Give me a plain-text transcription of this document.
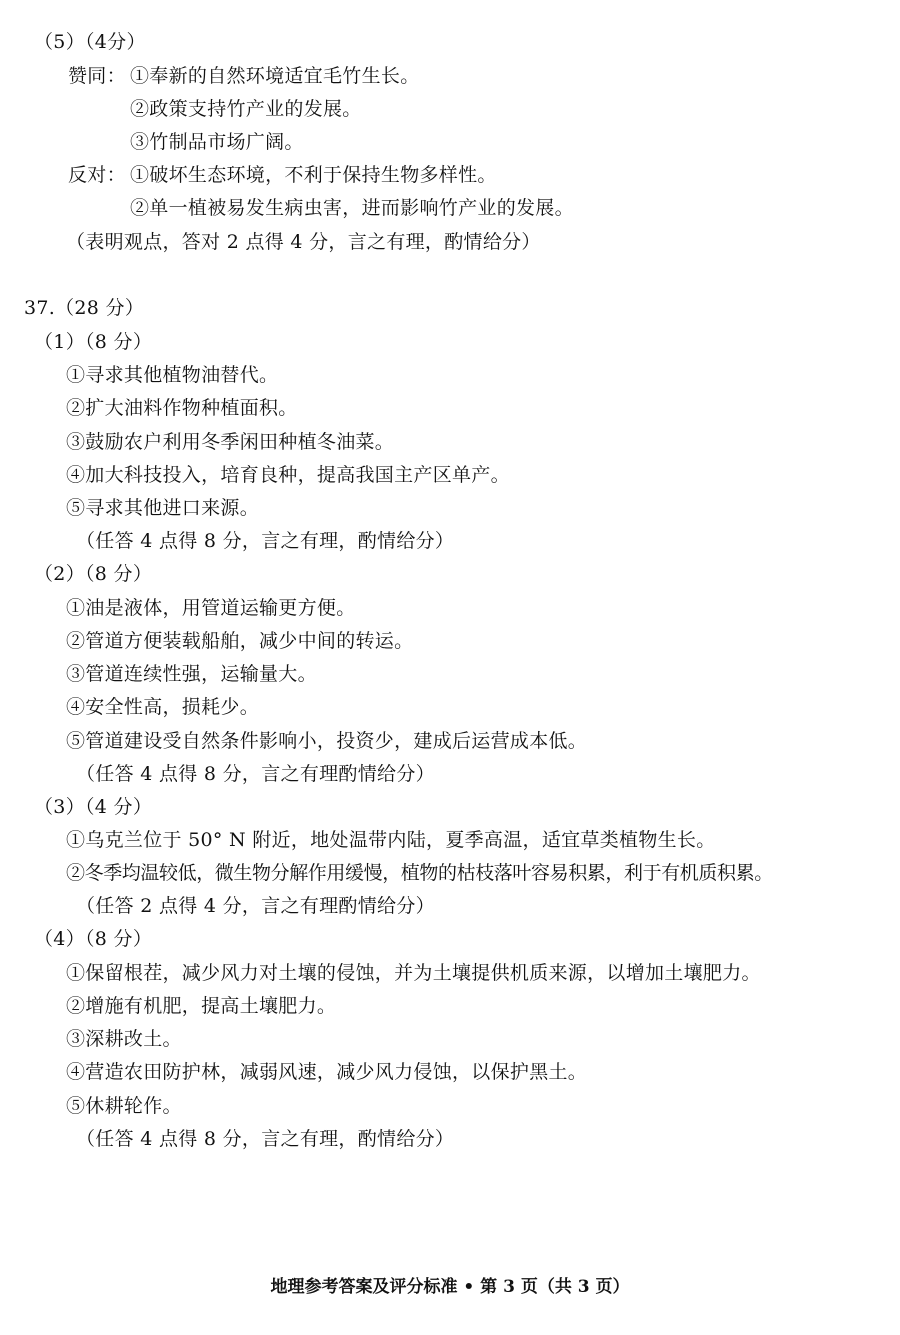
（5）（4分）
赞同： ①奉新的自然环境适宜毛竹生长。
②政策支持竹产业的发展。
③竹制品市场广阔。
反对： ①破坏生态环境，不利于保持生物多样性。
②单一植被易发生病虫害，进而影响竹产业的发展。
（表明观点，答对 2 点得 4 分，言之有理，酌情给分）
37.（28 分）
（1）（8 分）
①寻求其他植物油替代。
②扩大油料作物种植面积。
③鼓励农户利用冬季闲田种植冬油菜。
④加大科技投入，培育良种，提高我国主产区单产。
⑤寻求其他进口来源。
（任答 4 点得 8 分，言之有理，酌情给分）
（2）（8 分）
①油是液体，用管道运输更方便。
②管道方便装载船舶，减少中间的转运。
③管道连续性强，运输量大。
④安全性高，损耗少。
⑤管道建设受自然条件影响小，投资少，建成后运营成本低。
（任答 4 点得 8 分，言之有理酌情给分）
（3）（4 分）
①乌克兰位于 50° N 附近，地处温带内陆，夏季高温，适宜草类植物生长。
②冬季均温较低，微生物分解作用缓慢，植物的枯枝落叶容易积累，利于有机质积累。
（任答 2 点得 4 分，言之有理酌情给分）
（4）（8 分）
①保留根茬，减少风力对土壤的侵蚀，并为土壤提供机质来源，以增加土壤肥力。
②增施有机肥，提高土壤肥力。
③深耕改土。
④营造农田防护林，减弱风速，减少风力侵蚀，以保护黑土。
⑤休耕轮作。
（任答 4 点得 8 分，言之有理，酌情给分）
地理参考答案及评分标准 • 第 3 页（共 3 页）
